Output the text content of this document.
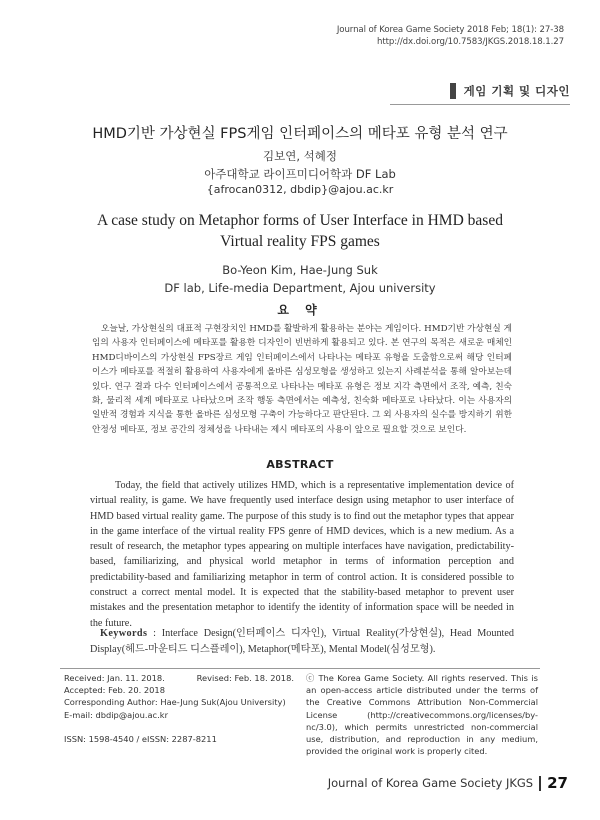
Journal of Korea Game Society 2018 Feb; 18(1): 27-38
http://dx.doi.org/10.7583/JKGS.2018.18.1.27
게임 기획 및 디자인
HMD기반 가상현실 FPS게임 인터페이스의 메타포 유형 분석 연구
김보연, 석혜정
아주대학교 라이프미디어학과 DF Lab
{afrocan0312, dbdip}@ajou.ac.kr
A case study on Metaphor forms of User Interface in HMD based
Virtual reality FPS games
Bo-Yeon Kim, Hae-Jung Suk
DF lab, Life-media Department, Ajou university
요 약

오늘날, 가상현실의 대표적 구현장치인 HMD를 활발하게 활용하는 분야는 게임이다. HMD기반 가상현실 게임의 사용자 인터페이스에 메타포를 활용한 디자인이 빈번하게 활용되고 있다. 본 연구의 목적은 새로운 매체인 HMD디바이스의 가상현실 FPS장르 게임 인터페이스에서 나타나는 메타포 유형을 도출함으로써 해당 인터페이스가 메타포를 적절히 활용하여 사용자에게 올바른 심성모형을 생성하고 있는지 사례분석을 통해 알아보는데 있다. 연구 결과 다수 인터페이스에서 공통적으로 나타나는 메타포 유형은 정보 지각 측면에서 조작, 예측, 친숙화, 물리적 세계 메타포로 나타났으며 조작 행동 측면에서는 예측성, 친숙화 메타포로 나타났다. 이는 사용자의 일반적 경험과 지식을 통한 올바른 심성모형 구축이 가능하다고 판단된다. 그 외 사용자의 실수를 방지하기 위한 안정성 메타포, 정보 공간의 정체성을 나타내는 제시 메타포의 사용이 앞으로 필요할 것으로 보인다.

ABSTRACT

Today, the field that actively utilizes HMD, which is a representative implementation device of virtual reality, is game. We have frequently used interface design using metaphor to user interface of HMD based virtual reality game. The purpose of this study is to find out the metaphor types that appear in the game interface of the virtual reality FPS genre of HMD devices, which is a new medium. As a result of research, the metaphor types appearing on multiple interfaces have navigation, predictability-based, familiarizing, and physical world metaphor in terms of information perception and predictability-based and familiarizing metaphor in term of control action. It is considered possible to construct a correct mental model. It is expected that the stability-based metaphor to prevent user mistakes and the presentation metaphor to identify the identity of information space will be needed in the future.

Keywords : Interface Design(인터페이스 디자인), Virtual Reality(가상현실), Head Mounted Display(헤드-마운티드 디스플레이), Metaphor(메타포), Mental Model(심성모형).

Received: Jan. 11. 2018.	Revised: Feb. 18. 2018.
Accepted: Feb. 20. 2018
Corresponding Author: Hae-Jung Suk(Ajou University)
E-mail: dbdip@ajou.ac.kr
ISSN: 1598-4540 / eISSN: 2287-8211

ⓒ The Korea Game Society. All rights reserved. This is an open-access article distributed under the terms of the Creative Commons Attribution Non-Commercial License (http://creativecommons.org/licenses/by-nc/3.0), which permits unrestricted non-commercial use, distribution, and reproduction in any medium, provided the original work is properly cited.

Journal of Korea Game Society JKGS 27
